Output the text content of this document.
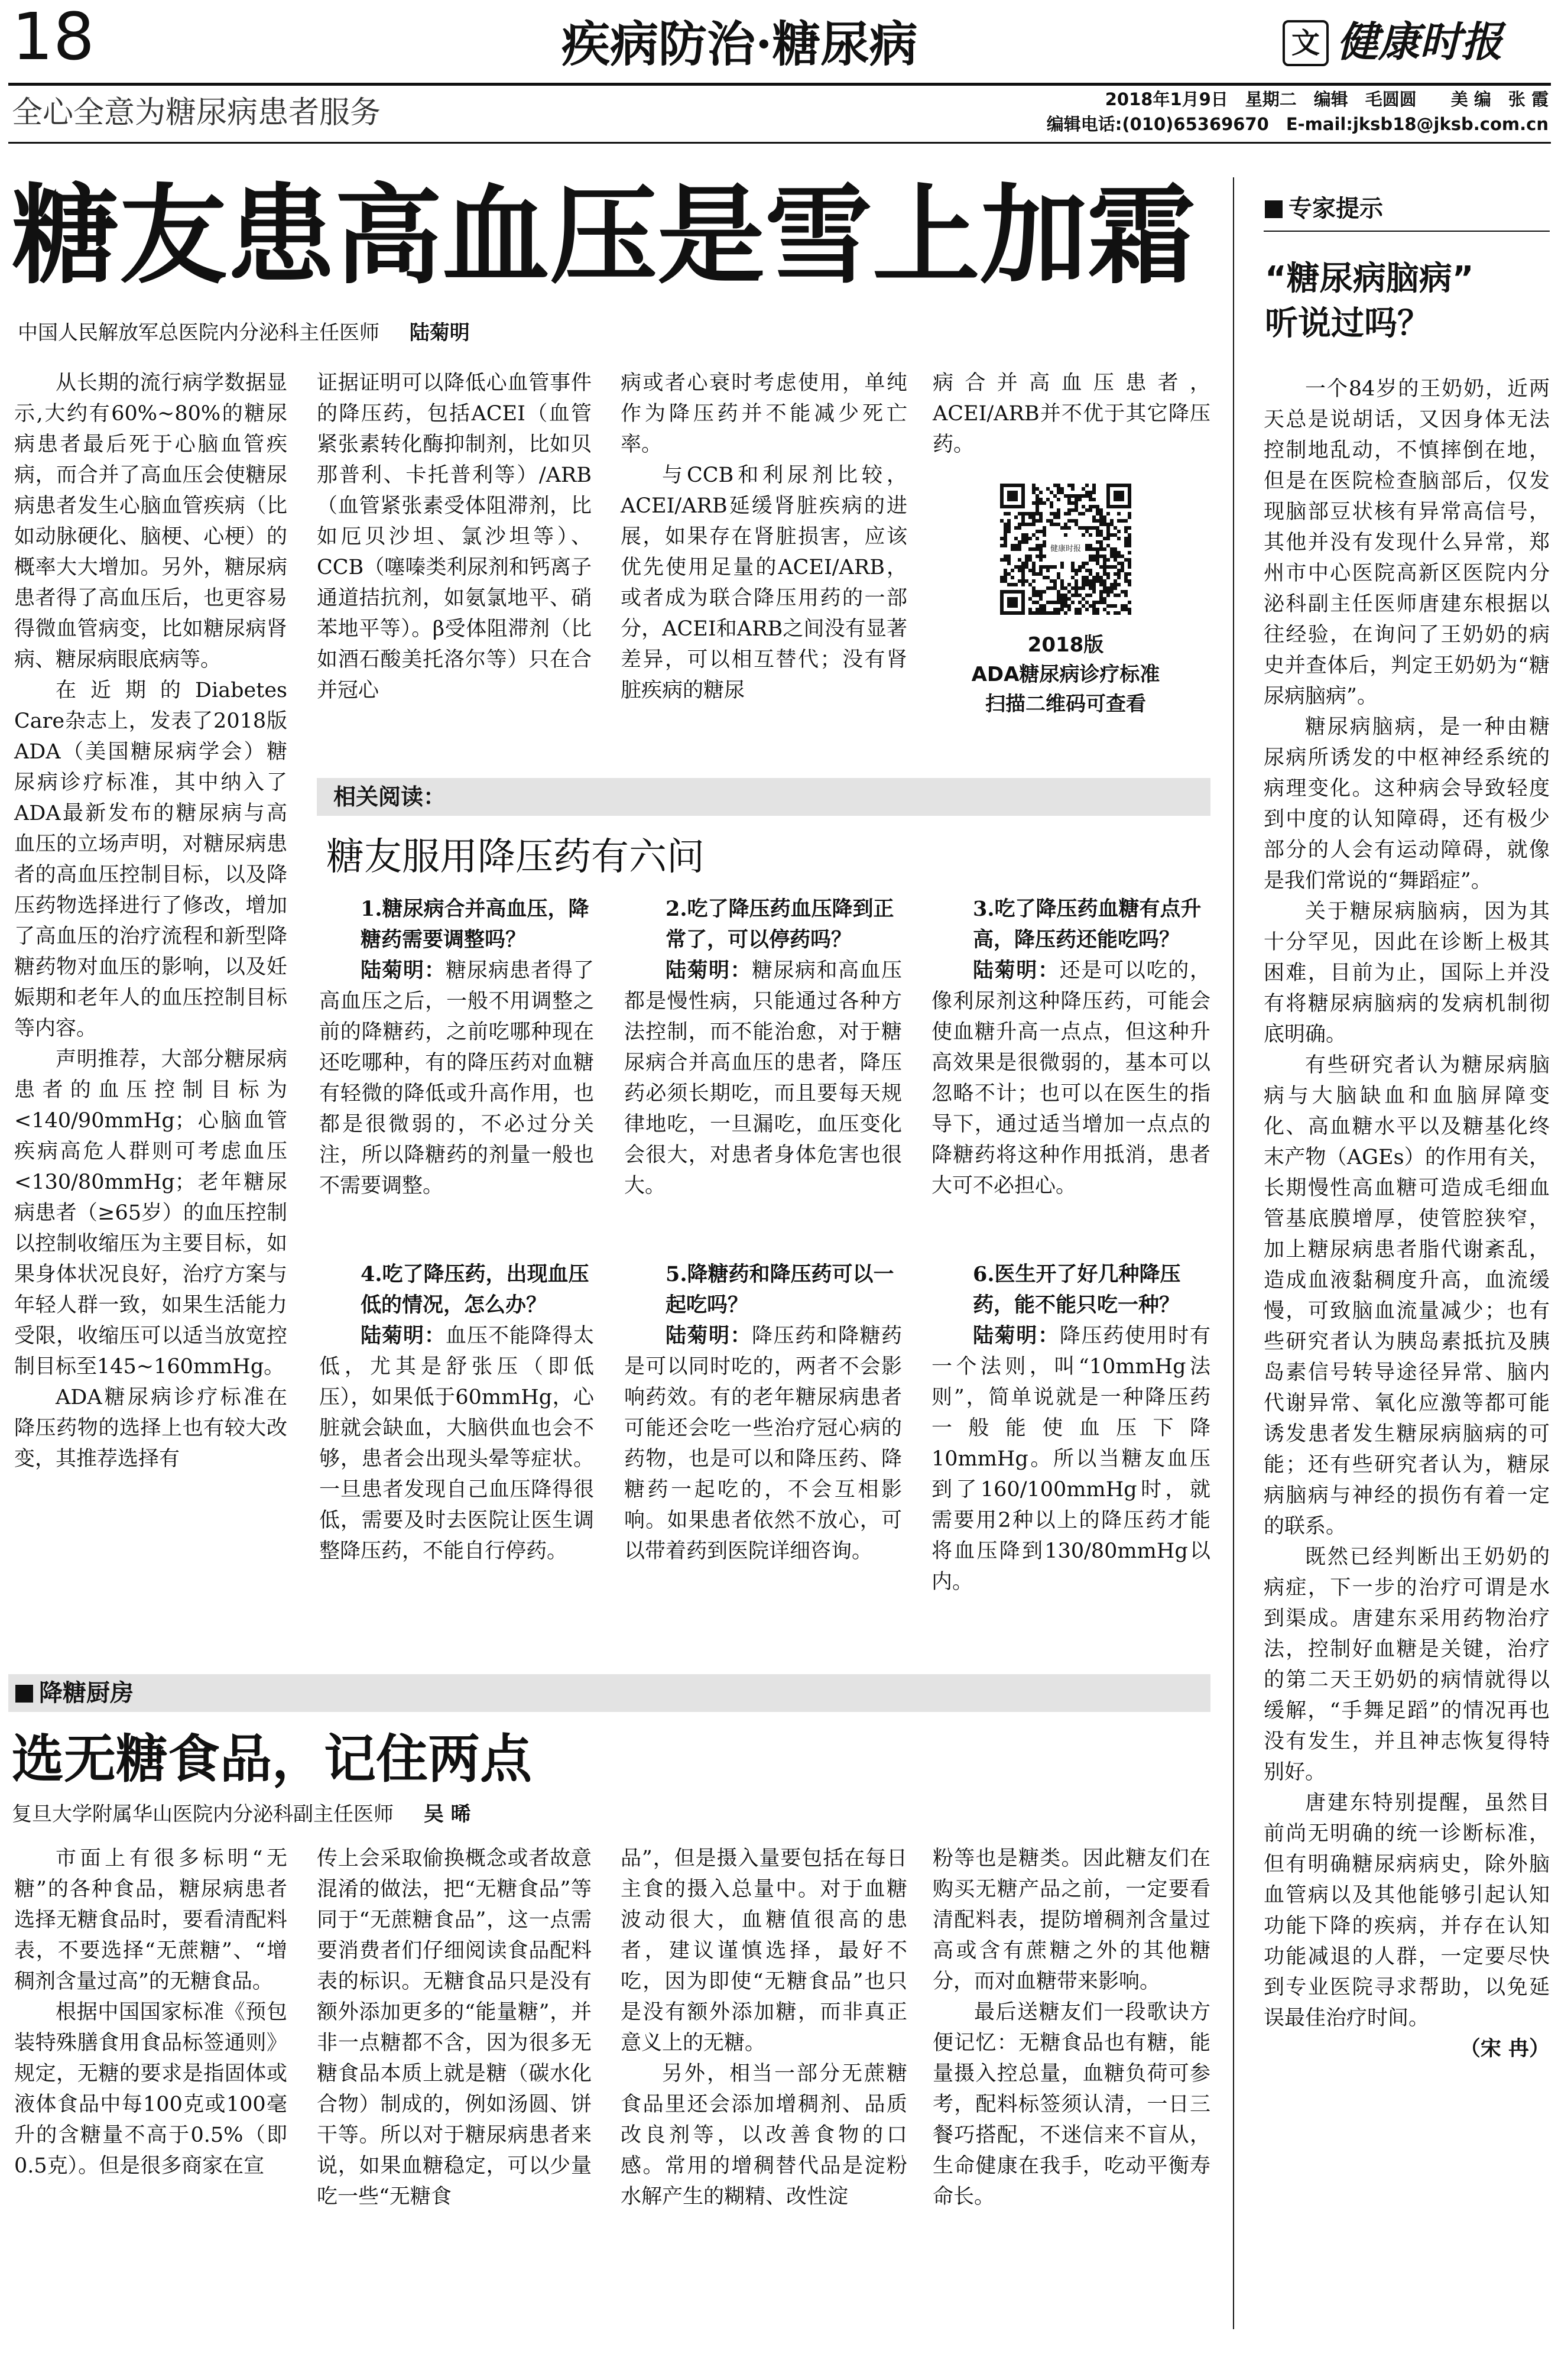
18	疾病防治·糖尿病	文 健康时报
全心全意为糖尿病患者服务	2018年1月9日　星期二　编辑　毛圆圆　　美 编　张 霞
编辑电话:(010)65369670　E-mail:jksb18@jksb.com.cn
糖友患高血压是雪上加霜
中国人民解放军总医院内分泌科主任医师 陆菊明

从长期的流行病学数据显示,大约有60%~80%的糖尿病患者最后死于心脑血管疾病，而合并了高血压会使糖尿病患者发生心脑血管疾病（比如动脉硬化、脑梗、心梗）的概率大大增加。另外，糖尿病患者得了高血压后，也更容易得微血管病变，比如糖尿病肾病、糖尿病眼底病等。

在近期的Diabetes Care杂志上，发表了2018版ADA（美国糖尿病学会）糖尿病诊疗标准，其中纳入了ADA最新发布的糖尿病与高血压的立场声明，对糖尿病患者的高血压控制目标，以及降压药物选择进行了修改，增加了高血压的治疗流程和新型降糖药物对血压的影响，以及妊娠期和老年人的血压控制目标等内容。

声明推荐，大部分糖尿病患者的血压控制目标为<140/90mmHg；心脑血管疾病高危人群则可考虑血压<130/80mmHg；老年糖尿病患者（≥65岁）的血压控制以控制收缩压为主要目标，如果身体状况良好，治疗方案与年轻人群一致，如果生活能力受限，收缩压可以适当放宽控制目标至145~160mmHg。

ADA糖尿病诊疗标准在降压药物的选择上也有较大改变，其推荐选择有

证据证明可以降低心血管事件的降压药，包括ACEI（血管紧张素转化酶抑制剂，比如贝那普利、卡托普利等）/ARB（血管紧张素受体阻滞剂，比如厄贝沙坦、氯沙坦等）、CCB（噻嗪类利尿剂和钙离子通道拮抗剂，如氨氯地平、硝苯地平等）。β受体阻滞剂（比如酒石酸美托洛尔等）只在合并冠心

病或者心衰时考虑使用，单纯作为降压药并不能减少死亡率。

与CCB和利尿剂比较，ACEI/ARB延缓肾脏疾病的进展，如果存在肾脏损害，应该优先使用足量的ACEI/ARB，或者成为联合降压用药的一部分，ACEI和ARB之间没有显著差异，可以相互替代；没有肾脏疾病的糖尿

病合并高血压患者，ACEI/ARB并不优于其它降压药。

健康时报
2018版
ADA糖尿病诊疗标准
扫描二维码可查看
相关阅读：
糖友服用降压药有六问

1.糖尿病合并高血压，降糖药需要调整吗？

陆菊明：糖尿病患者得了高血压之后，一般不用调整之前的降糖药，之前吃哪种现在还吃哪种，有的降压药对血糖有轻微的降低或升高作用，也都是很微弱的，不必过分关注，所以降糖药的剂量一般也不需要调整。

2.吃了降压药血压降到正常了，可以停药吗？

陆菊明：糖尿病和高血压都是慢性病，只能通过各种方法控制，而不能治愈，对于糖尿病合并高血压的患者，降压药必须长期吃，而且要每天规律地吃，一旦漏吃，血压变化会很大，对患者身体危害也很大。

3.吃了降压药血糖有点升高，降压药还能吃吗？

陆菊明：还是可以吃的，像利尿剂这种降压药，可能会使血糖升高一点点，但这种升高效果是很微弱的，基本可以忽略不计；也可以在医生的指导下，通过适当增加一点点的降糖药将这种作用抵消，患者大可不必担心。

4.吃了降压药，出现血压低的情况，怎么办？

陆菊明：血压不能降得太低，尤其是舒张压（即低压），如果低于60mmHg，心脏就会缺血，大脑供血也会不够，患者会出现头晕等症状。一旦患者发现自己血压降得很低，需要及时去医院让医生调整降压药，不能自行停药。

5.降糖药和降压药可以一起吃吗？

陆菊明：降压药和降糖药是可以同时吃的，两者不会影响药效。有的老年糖尿病患者可能还会吃一些治疗冠心病的药物，也是可以和降压药、降糖药一起吃的，不会互相影响。如果患者依然不放心，可以带着药到医院详细咨询。

6.医生开了好几种降压药，能不能只吃一种？

陆菊明：降压药使用时有一个法则，叫“10mmHg法则”，简单说就是一种降压药一般能使血压下降10mmHg。所以当糖友血压到了160/100mmHg时，就需要用2种以上的降压药才能将血压降到130/80mmHg以内。

降糖厨房
选无糖食品，记住两点
复旦大学附属华山医院内分泌科副主任医师 吴 晞

市面上有很多标明“无糖”的各种食品，糖尿病患者选择无糖食品时，要看清配料表，不要选择“无蔗糖”、“增稠剂含量过高”的无糖食品。

根据中国国家标准《预包装特殊膳食用食品标签通则》规定，无糖的要求是指固体或液体食品中每100克或100毫升的含糖量不高于0.5%（即0.5克）。但是很多商家在宣

传上会采取偷换概念或者故意混淆的做法，把“无糖食品”等同于“无蔗糖食品”，这一点需要消费者们仔细阅读食品配料表的标识。无糖食品只是没有额外添加更多的“能量糖”，并非一点糖都不含，因为很多无糖食品本质上就是糖（碳水化合物）制成的，例如汤圆、饼干等。所以对于糖尿病患者来说，如果血糖稳定，可以少量吃一些“无糖食

品”，但是摄入量要包括在每日主食的摄入总量中。对于血糖波动很大，血糖值很高的患者，建议谨慎选择，最好不吃，因为即使“无糖食品”也只是没有额外添加糖，而非真正意义上的无糖。

另外，相当一部分无蔗糖食品里还会添加增稠剂、品质改良剂等，以改善食物的口感。常用的增稠替代品是淀粉水解产生的糊精、改性淀

粉等也是糖类。因此糖友们在购买无糖产品之前，一定要看清配料表，提防增稠剂含量过高或含有蔗糖之外的其他糖分，而对血糖带来影响。

最后送糖友们一段歌诀方便记忆：无糖食品也有糖，能量摄入控总量，血糖负荷可参考，配料标签须认清，一日三餐巧搭配，不迷信来不盲从，生命健康在我手，吃动平衡寿命长。

专家提示
“糖尿病脑病”
听说过吗？

一个84岁的王奶奶，近两天总是说胡话，又因身体无法控制地乱动，不慎摔倒在地，但是在医院检查脑部后，仅发现脑部豆状核有异常高信号，其他并没有发现什么异常，郑州市中心医院高新区医院内分泌科副主任医师唐建东根据以往经验，在询问了王奶奶的病史并查体后，判定王奶奶为“糖尿病脑病”。

糖尿病脑病，是一种由糖尿病所诱发的中枢神经系统的病理变化。这种病会导致轻度到中度的认知障碍，还有极少部分的人会有运动障碍，就像是我们常说的“舞蹈症”。

关于糖尿病脑病，因为其十分罕见，因此在诊断上极其困难，目前为止，国际上并没有将糖尿病脑病的发病机制彻底明确。

有些研究者认为糖尿病脑病与大脑缺血和血脑屏障变化、高血糖水平以及糖基化终末产物（AGEs）的作用有关，长期慢性高血糖可造成毛细血管基底膜增厚，使管腔狭窄，加上糖尿病患者脂代谢紊乱，造成血液黏稠度升高，血流缓慢，可致脑血流量减少；也有些研究者认为胰岛素抵抗及胰岛素信号转导途径异常、脑内代谢异常、氧化应激等都可能诱发患者发生糖尿病脑病的可能；还有些研究者认为，糖尿病脑病与神经的损伤有着一定的联系。

既然已经判断出王奶奶的病症，下一步的治疗可谓是水到渠成。唐建东采用药物治疗法，控制好血糖是关键，治疗的第二天王奶奶的病情就得以缓解，“手舞足蹈”的情况再也没有发生，并且神志恢复得特别好。

唐建东特别提醒，虽然目前尚无明确的统一诊断标准，但有明确糖尿病病史，除外脑血管病以及其他能够引起认知功能下降的疾病，并存在认知功能减退的人群，一定要尽快到专业医院寻求帮助，以免延误最佳治疗时间。

（宋 冉）
